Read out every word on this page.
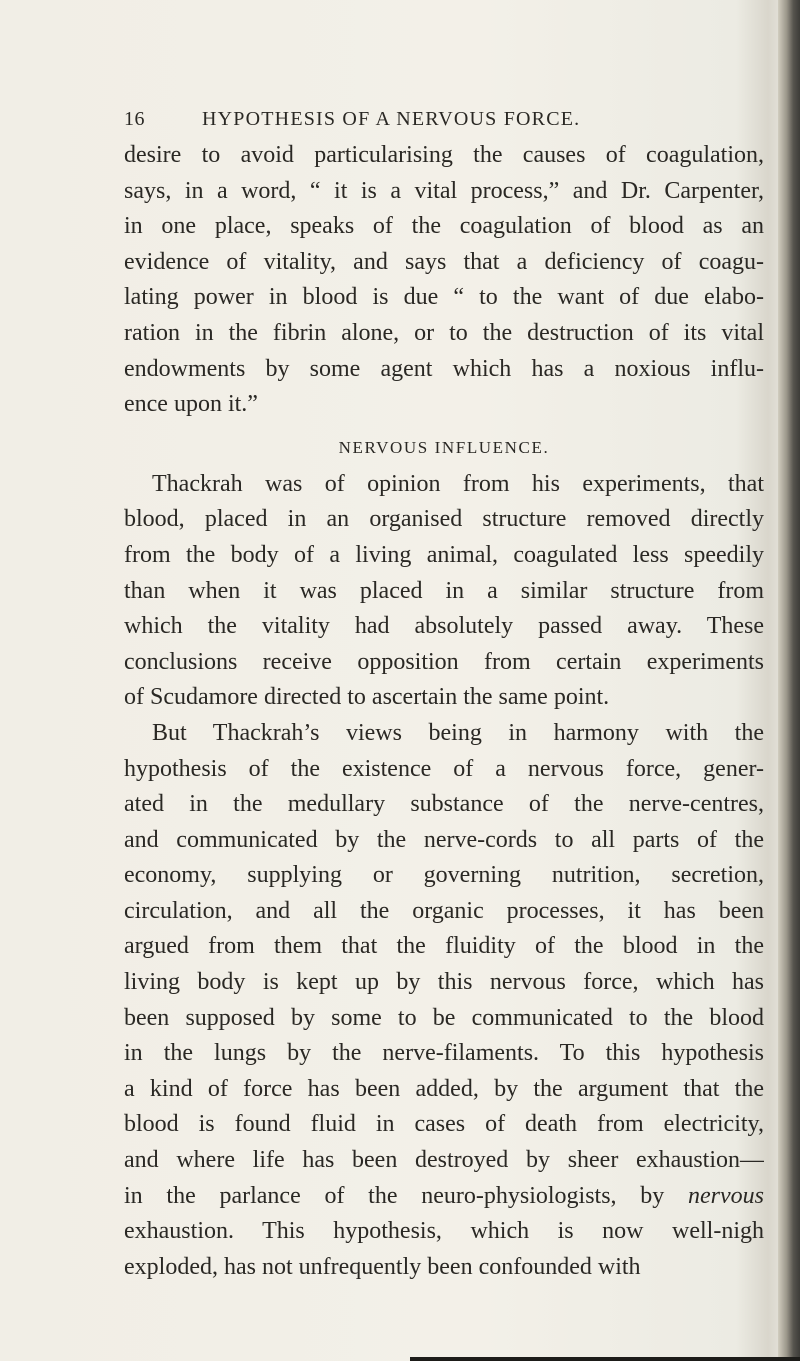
16	HYPOTHESIS OF A NERVOUS FORCE.
desire to avoid particularising the causes of coagulation,
says, in a word, “ it is a vital process,” and Dr. Carpenter,
in one place, speaks of the coagulation of blood as an
evidence of vitality, and says that a deficiency of coagu-
lating power in blood is due “ to the want of due elabo-
ration in the fibrin alone, or to the destruction of its vital
endowments by some agent which has a noxious influ-
ence upon it.”
NERVOUS INFLUENCE.
Thackrah was of opinion from his experiments, that
blood, placed in an organised structure removed directly
from the body of a living animal, coagulated less speedily
than when it was placed in a similar structure from
which the vitality had absolutely passed away. These
conclusions receive opposition from certain experiments
of Scudamore directed to ascertain the same point.
But Thackrah’s views being in harmony with the
hypothesis of the existence of a nervous force, gener-
ated in the medullary substance of the nerve-centres,
and communicated by the nerve-cords to all parts of the
economy, supplying or governing nutrition, secretion,
circulation, and all the organic processes, it has been
argued from them that the fluidity of the blood in the
living body is kept up by this nervous force, which has
been supposed by some to be communicated to the blood
in the lungs by the nerve-filaments. To this hypothesis
a kind of force has been added, by the argument that the
blood is found fluid in cases of death from electricity,
and where life has been destroyed by sheer exhaustion—
in the parlance of the neuro-physiologists, by nervous
exhaustion. This hypothesis, which is now well-nigh
exploded, has not unfrequently been confounded with
